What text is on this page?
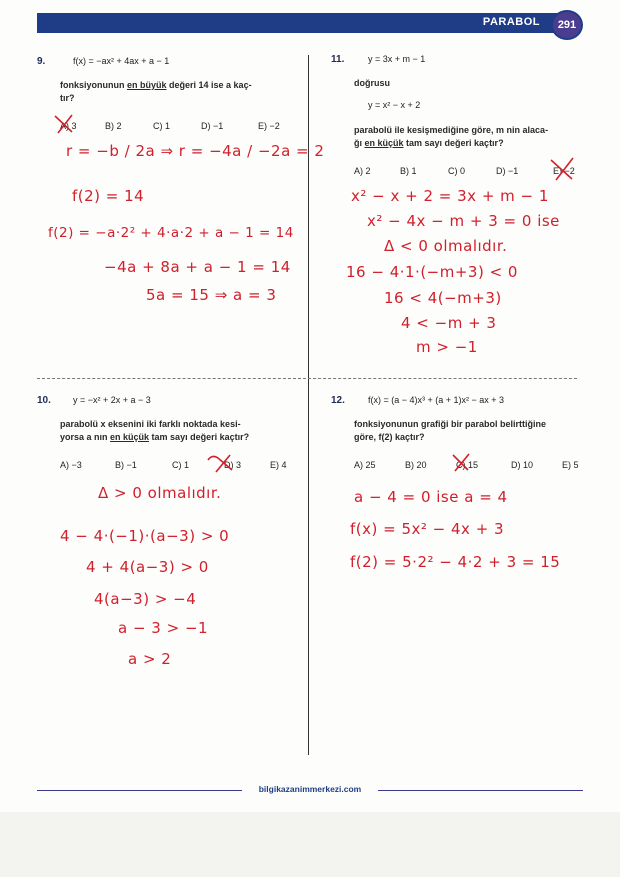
PARABOL	291
9.	f(x) = −ax² + 4ax + a − 1
fonksiyonunun en büyük değeri 14 ise a kaç-
tır?
A) 3	B) 2	C) 1	D) −1	E) −2
r = −b / 2a ⇒ r = −4a / −2a = 2
f(2) = 14
f(2) = −a·2² + 4·a·2 + a − 1 = 14
−4a + 8a + a − 1 = 14
5a = 15 ⇒ a = 3
11.	y = 3x + m − 1
doğrusu
y = x² − x + 2
parabolü ile kesişmediğine göre, m nin alaca-
ğı en küçük tam sayı değeri kaçtır?
A) 2	B) 1	C) 0	D) −1	E) −2
x² − x + 2 = 3x + m − 1
x² − 4x − m + 3 = 0 ise
Δ < 0 olmalıdır.
16 − 4·1·(−m+3) < 0
16 < 4(−m+3)
4 < −m + 3
m > −1
10. y = −x² + 2x + a − 3
parabolü x eksenini iki farklı noktada kesi-
yorsa a nın en küçük tam sayı değeri kaçtır?
A) −3	B) −1	C) 1	D) 3	E) 4
Δ > 0 olmalıdır.
4 − 4·(−1)·(a−3) > 0
4 + 4(a−3) > 0
4(a−3) > −4
a − 3 > −1
a > 2
12.	f(x) = (a − 4)x³ + (a + 1)x² − ax + 3
fonksiyonunun grafiği bir parabol belirttiğine
göre, f(2) kaçtır?
A) 25	B) 20	C) 15	D) 10	E) 5
a − 4 = 0 ise a = 4
f(x) = 5x² − 4x + 3
f(2) = 5·2² − 4·2 + 3 = 15
bilgikazanimmerkezi.com
